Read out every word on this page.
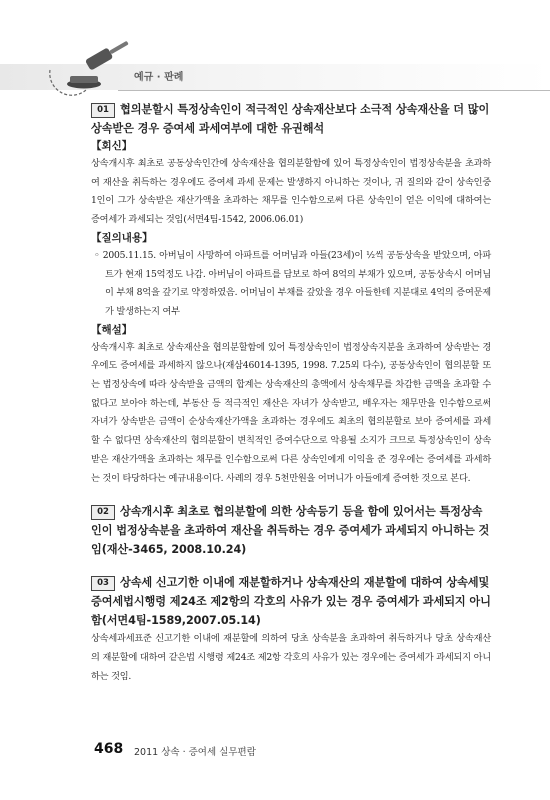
예규 · 판례
01 협의분할시 특정상속인이 적극적인 상속재산보다 소극적 상속재산을 더 많이 상속받은 경우 증여세 과세여부에 대한 유권해석
【회신】
상속개시후 최초로 공동상속인간에 상속재산을 협의분할함에 있어 특정상속인이 법정상속분을 초과하여 재산을 취득하는 경우에도 증여세 과세 문제는 발생하지 아니하는 것이나, 귀 질의와 같이 상속인중 1인이 그가 상속받은 재산가액을 초과하는 채무를 인수함으로써 다른 상속인이 얻은 이익에 대하여는 증여세가 과세되는 것임(서면4팀-1542, 2006.06.01)
【질의내용】
◦ 2005.11.15. 아버님이 사망하여 아파트를 어머님과 아들(23세)이 ½씩 공동상속을 받았으며, 아파트가 현재 15억정도 나감. 아버님이 아파트를 담보로 하여 8억의 부채가 있으며, 공동상속시 어머님이 부채 8억을 갚기로 약정하였음. 어머님이 부채를 갚았을 경우 아들한테 지분대로 4억의 증여문제가 발생하는지 여부
【해설】
상속개시후 최초로 상속재산을 협의분할함에 있어 특정상속인이 법정상속지분을 초과하여 상속받는 경우에도 증여세를 과세하지 않으나(재삼46014-1395, 1998. 7.25외 다수), 공동상속인이 협의분할 또는 법정상속에 따라 상속받을 금액의 합계는 상속재산의 총액에서 상속채무를 차감한 금액을 초과할 수 없다고 보아야 하는데, 부동산 등 적극적인 재산은 자녀가 상속받고, 배우자는 채무만을 인수함으로써 자녀가 상속받은 금액이 순상속재산가액을 초과하는 경우에도 최초의 협의분할로 보아 증여세를 과세할 수 없다면 상속재산의 협의분할이 변칙적인 증여수단으로 악용될 소지가 크므로 특정상속인이 상속받은 재산가액을 초과하는 채무를 인수함으로써 다른 상속인에게 이익을 준 경우에는 증여세를 과세하는 것이 타당하다는 예규내용이다. 사례의 경우 5천만원을 어머니가 아들에게 증여한 것으로 본다.
02 상속개시후 최초로 협의분할에 의한 상속등기 등을 함에 있어서는 특정상속인이 법정상속분을 초과하여 재산을 취득하는 경우 증여세가 과세되지 아니하는 것임(재산-3465, 2008.10.24)
03 상속세 신고기한 이내에 재분할하거나 상속재산의 재분할에 대하여 상속세및증여세법시행령 제24조 제2항의 각호의 사유가 있는 경우 증여세가 과세되지 아니함(서면4팀-1589,2007.05.14)
상속세과세표준 신고기한 이내에 재분할에 의하여 당초 상속분을 초과하여 취득하거나 당초 상속재산의 재분할에 대하여 같은법 시행령 제24조 제2항 각호의 사유가 있는 경우에는 증여세가 과세되지 아니하는 것임.
468 2011 상속 · 증여세 실무편람
